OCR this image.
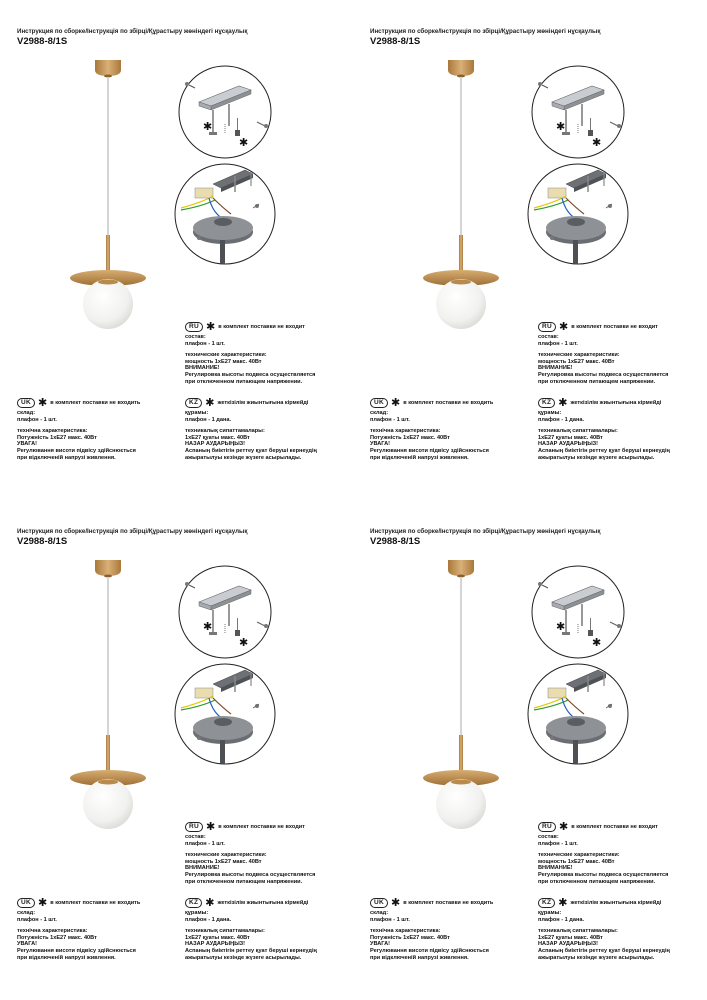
Инструкция по сборке/Інструкція по збірці/Құрастыру жөніндегі нұсқаулық
V2988-8/1S
✱
✱
RU ✱ в комплект поставки не входит
состав:
плафон - 1 шт.
технические характеристики:
мощность 1хЕ27 макс. 40Вт
ВНИМАНИЕ!
Регулировка высоты подвеса осуществляется
при отключенном питающем напряжении.
UK ✱ в комплект поставки не входить
склад:
плафон - 1 шт.
технічна характеристика:
Потужність 1хЕ27 макс. 40Вт
УВАГА!
Регулювання висоти підвісу здійснюється
при відключеній напрузі живлення.
KZ ✱ жеткізілім жиынтығына кірмейді
құрамы:
плафон - 1 дана.
техникалық сипаттамалары:
1хЕ27 қуаты макс. 40Вт
НАЗАР АУДАРЫҢЫЗ!
Аспаның биіктігін реттеу қуат беруші кернеудің
ажыратылуы кезінде жүзеге асырылады.
Инструкция по сборке/Інструкція по збірці/Құрастыру жөніндегі нұсқаулық
V2988-8/1S
✱
✱
RU ✱ в комплект поставки не входит
состав:
плафон - 1 шт.
технические характеристики:
мощность 1хЕ27 макс. 40Вт
ВНИМАНИЕ!
Регулировка высоты подвеса осуществляется
при отключенном питающем напряжении.
UK ✱ в комплект поставки не входить
склад:
плафон - 1 шт.
технічна характеристика:
Потужність 1хЕ27 макс. 40Вт
УВАГА!
Регулювання висоти підвісу здійснюється
при відключеній напрузі живлення.
KZ ✱ жеткізілім жиынтығына кірмейді
құрамы:
плафон - 1 дана.
техникалық сипаттамалары:
1хЕ27 қуаты макс. 40Вт
НАЗАР АУДАРЫҢЫЗ!
Аспаның биіктігін реттеу қуат беруші кернеудің
ажыратылуы кезінде жүзеге асырылады.
Инструкция по сборке/Інструкція по збірці/Құрастыру жөніндегі нұсқаулық
V2988-8/1S
✱
✱
RU ✱ в комплект поставки не входит
состав:
плафон - 1 шт.
технические характеристики:
мощность 1хЕ27 макс. 40Вт
ВНИМАНИЕ!
Регулировка высоты подвеса осуществляется
при отключенном питающем напряжении.
UK ✱ в комплект поставки не входить
склад:
плафон - 1 шт.
технічна характеристика:
Потужність 1хЕ27 макс. 40Вт
УВАГА!
Регулювання висоти підвісу здійснюється
при відключеній напрузі живлення.
KZ ✱ жеткізілім жиынтығына кірмейді
құрамы:
плафон - 1 дана.
техникалық сипаттамалары:
1хЕ27 қуаты макс. 40Вт
НАЗАР АУДАРЫҢЫЗ!
Аспаның биіктігін реттеу қуат беруші кернеудің
ажыратылуы кезінде жүзеге асырылады.
Инструкция по сборке/Інструкція по збірці/Құрастыру жөніндегі нұсқаулық
V2988-8/1S
✱
✱
RU ✱ в комплект поставки не входит
состав:
плафон - 1 шт.
технические характеристики:
мощность 1хЕ27 макс. 40Вт
ВНИМАНИЕ!
Регулировка высоты подвеса осуществляется
при отключенном питающем напряжении.
UK ✱ в комплект поставки не входить
склад:
плафон - 1 шт.
технічна характеристика:
Потужність 1хЕ27 макс. 40Вт
УВАГА!
Регулювання висоти підвісу здійснюється
при відключеній напрузі живлення.
KZ ✱ жеткізілім жиынтығына кірмейді
құрамы:
плафон - 1 дана.
техникалық сипаттамалары:
1хЕ27 қуаты макс. 40Вт
НАЗАР АУДАРЫҢЫЗ!
Аспаның биіктігін реттеу қуат беруші кернеудің
ажыратылуы кезінде жүзеге асырылады.
